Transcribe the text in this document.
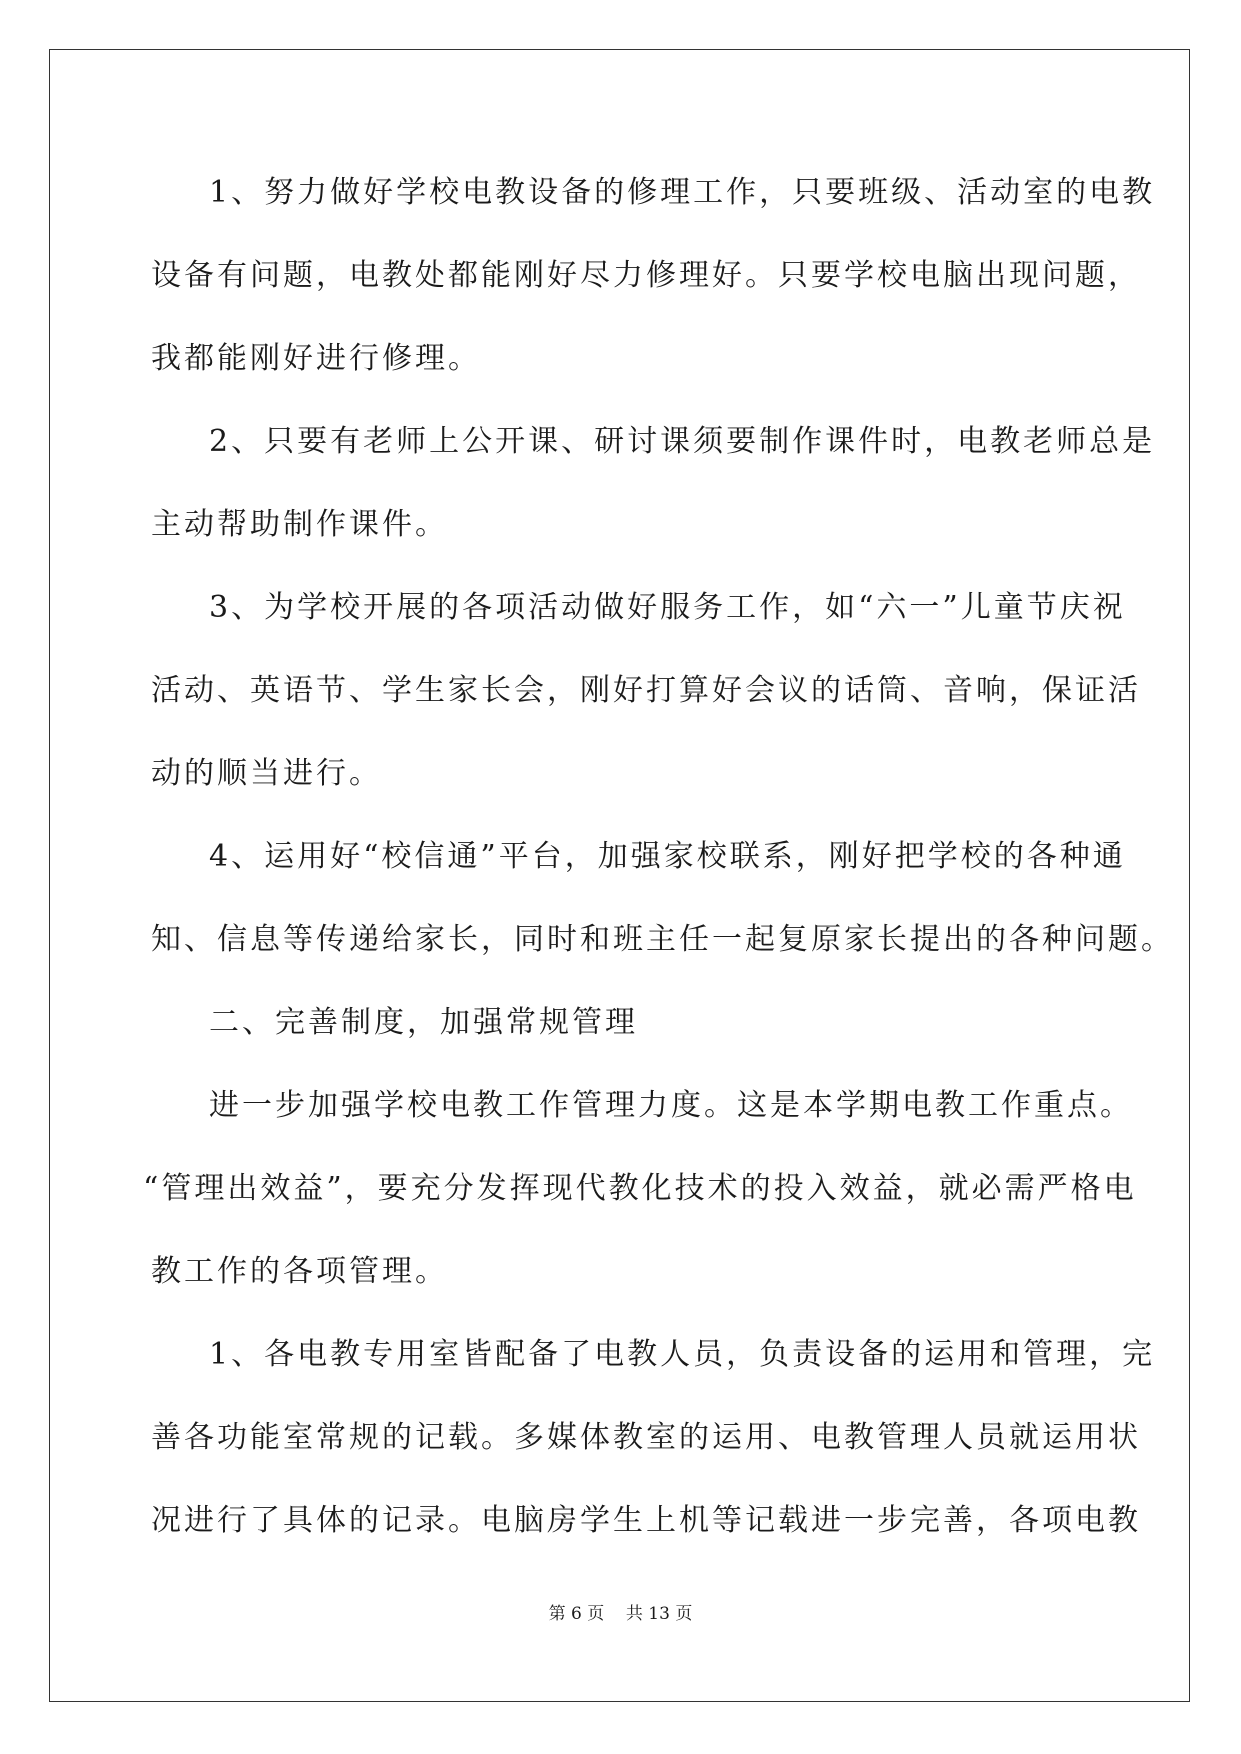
1、努力做好学校电教设备的修理工作，只要班级、活动室的电教
设备有问题，电教处都能刚好尽力修理好。只要学校电脑出现问题，
我都能刚好进行修理。
2、只要有老师上公开课、研讨课须要制作课件时，电教老师总是
主动帮助制作课件。
3、为学校开展的各项活动做好服务工作，如“六一”儿童节庆祝
活动、英语节、学生家长会，刚好打算好会议的话筒、音响，保证活
动的顺当进行。
4、运用好“校信通”平台，加强家校联系，刚好把学校的各种通
知、信息等传递给家长，同时和班主任一起复原家长提出的各种问题。
二、完善制度，加强常规管理
进一步加强学校电教工作管理力度。这是本学期电教工作重点。
“管理出效益”，要充分发挥现代教化技术的投入效益，就必需严格电
教工作的各项管理。
1、各电教专用室皆配备了电教人员，负责设备的运用和管理，完
善各功能室常规的记载。多媒体教室的运用、电教管理人员就运用状
况进行了具体的记录。电脑房学生上机等记载进一步完善，各项电教
第 6 页    共 13 页
